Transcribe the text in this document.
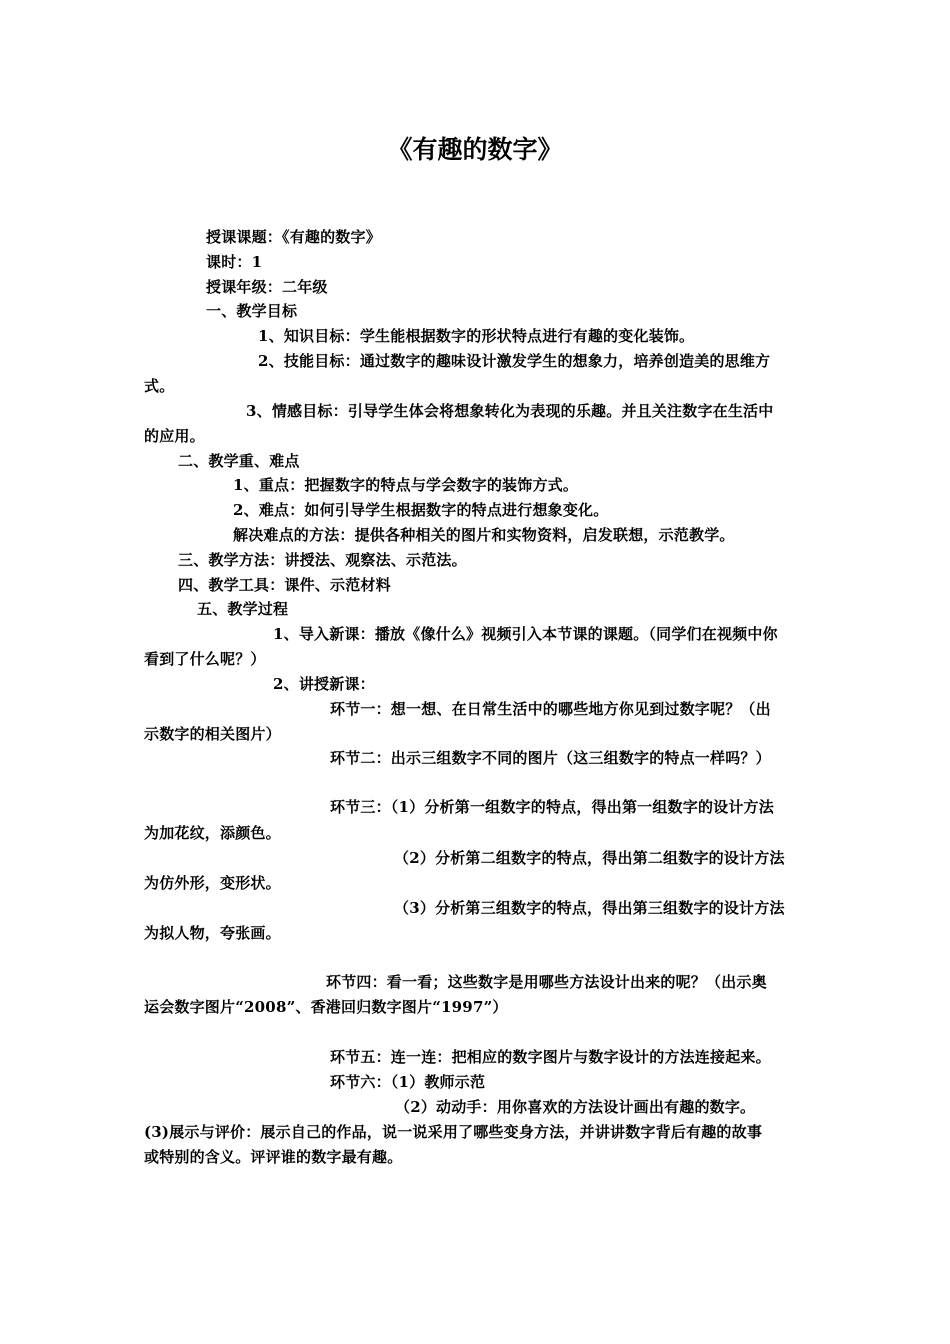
《有趣的数字》
授课课题：《有趣的数字》
课时：1
授课年级：二年级
一、教学目标
1、知识目标：学生能根据数字的形状特点进行有趣的变化装饰。
2、技能目标：通过数字的趣味设计激发学生的想象力，培养创造美的思维方
式。
3、情感目标：引导学生体会将想象转化为表现的乐趣。并且关注数字在生活中
的应用。
二、教学重、难点
1、重点：把握数字的特点与学会数字的装饰方式。
2、难点：如何引导学生根据数字的特点进行想象变化。
解决难点的方法：提供各种相关的图片和实物资料，启发联想，示范教学。
三、教学方法：讲授法、观察法、示范法。
四、教学工具：课件、示范材料
五、教学过程
1、导入新课：播放《像什么》视频引入本节课的课题。（同学们在视频中你
看到了什么呢？）
2、讲授新课：
环节一：想一想、在日常生活中的哪些地方你见到过数字呢？（出
示数字的相关图片）
环节二：出示三组数字不同的图片（这三组数字的特点一样吗？）
环节三：（1）分析第一组数字的特点，得出第一组数字的设计方法
为加花纹，添颜色。
（2）分析第二组数字的特点，得出第二组数字的设计方法
为仿外形，变形状。
（3）分析第三组数字的特点，得出第三组数字的设计方法
为拟人物，夸张画。
环节四：看一看；这些数字是用哪些方法设计出来的呢？（出示奥
运会数字图片“2008”、香港回归数字图片“1997”）
环节五：连一连：把相应的数字图片与数字设计的方法连接起来。
环节六：（1）教师示范
（2）动动手：用你喜欢的方法设计画出有趣的数字。
(3)展示与评价：展示自己的作品，说一说采用了哪些变身方法，并讲讲数字背后有趣的故事
或特别的含义。评评谁的数字最有趣。
